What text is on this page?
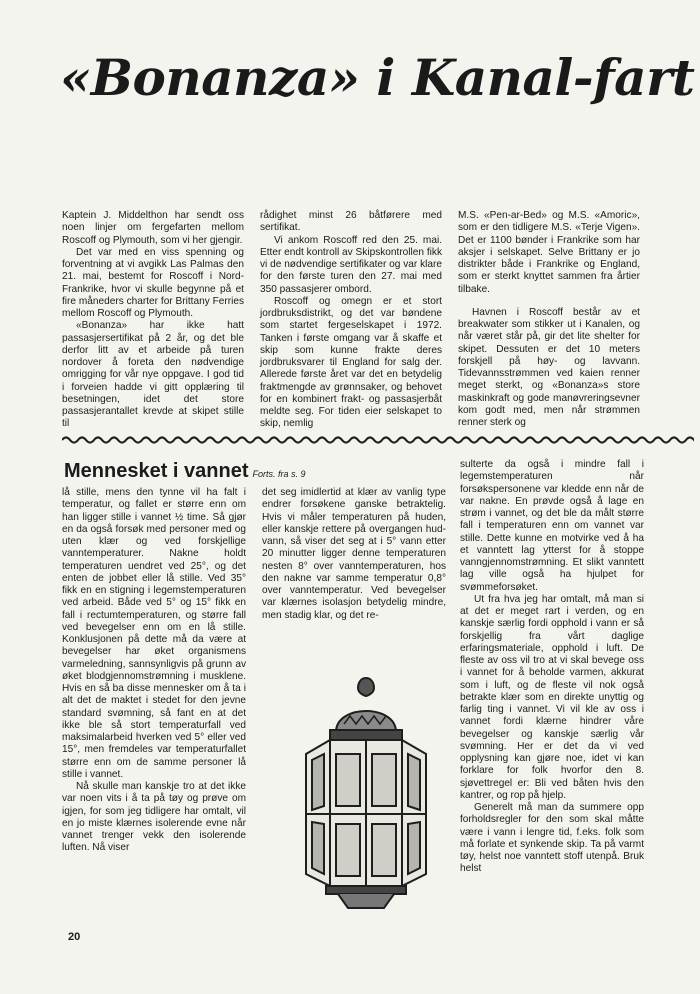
«Bonanza» i Kanal-fart

Kaptein J. Middelthon har sendt oss noen linjer om fergefarten mellom Roscoff og Plymouth, som vi her gjengir.

Det var med en viss spenning og forventning at vi avgikk Las Palmas den 21. mai, bestemt for Roscoff i Nord-Frankrike, hvor vi skulle begynne på et fire måneders charter for Brittany Ferries mellom Roscoff og Plymouth.

«Bonanza» har ikke hatt passasjersertifikat på 2 år, og det ble derfor litt av et arbeide på turen nordover å foreta den nødvendige omrigging for vår nye oppgave. I god tid i forveien hadde vi gitt opplæring til besetningen, idet det store passasjerantallet krevde at skipet stille til

rådighet minst 26 båtførere med sertifikat.

Vi ankom Roscoff red den 25. mai. Etter endt kontroll av Skipskontrollen fikk vi de nødvendige sertifikater og var klare for den første turen den 27. mai med 350 passasjerer ombord.

Roscoff og omegn er et stort jordbruksdistrikt, og det var bøndene som startet fergeselskapet i 1972. Tanken i første omgang var å skaffe et skip som kunne frakte deres jordbruksvarer til England for salg der. Allerede første året var det en betydelig fraktmengde av grønnsaker, og behovet for en kombinert frakt- og passasjerbåt meldte seg. For tiden eier selskapet to skip, nemlig

M.S. «Pen-ar-Bed» og M.S. «Amoric», som er den tidligere M.S. «Terje Vigen». Det er 1100 bønder i Frankrike som har aksjer i selskapet. Selve Brittany er jo distrikter både i Frankrike og England, som er sterkt knyttet sammen fra årtier tilbake.

Havnen i Roscoff består av et breakwater som stikker ut i Kanalen, og når været står på, gir det lite shelter for skipet. Dessuten er det 10 meters forskjell på høy- og lavvann. Tidevannsstrømmen ved kaien renner meget sterkt, og «Bonanza»s store maskinkraft og gode manøvreringsevner kom godt med, men når strømmen renner sterk og

Mennesket i vannet Forts. fra s. 9

lå stille, mens den tynne vil ha falt i temperatur, og fallet er større enn om han ligger stille i vannet ½ time. Så gjør en da også forsøk med personer med og uten klær og ved forskjellige vanntemperaturer. Nakne holdt temperaturen uendret ved 25°, og det enten de jobbet eller lå stille. Ved 35° fikk en en stigning i legemstemperaturen ved arbeid. Både ved 5° og 15° fikk en fall i rectumtemperaturen, og større fall ved bevegelser enn om en lå stille. Konklusjonen på dette må da være at bevegelser har øket organismens varmeledning, sannsynligvis på grunn av øket blodgjennomstrømning i musklene. Hvis en så ba disse mennesker om å ta i alt det de maktet i stedet for den jevne standard svømning, så fant en at det ikke ble så stort temperaturfall ved maksimalarbeid hverken ved 5° eller ved 15°, men fremdeles var temperaturfallet større enn om de samme personer lå stille i vannet.

Nå skulle man kanskje tro at det ikke var noen vits i å ta på tøy og prøve om igjen, for som jeg tidligere har omtalt, vil en jo miste klærnes isolerende evne når vannet trenger vekk den isolerende luften. Nå viser

det seg imidlertid at klær av vanlig type endrer forsøkene ganske betraktelig. Hvis vi måler temperaturen på huden, eller kanskje rettere på overgangen hud-vann, så viser det seg at i 5° vann etter 20 minutter ligger denne temperaturen nesten 8° over vanntemperaturen, hos den nakne var samme temperatur 0,8° over vanntemperatur. Ved bevegelser var klærnes isolasjon betydelig mindre, men stadig klar, og det re-

sulterte da også i mindre fall i legemstemperaturen når forsøkspersonene var kledde enn når de var nakne. En prøvde også å lage en strøm i vannet, og det ble da målt større fall i temperaturen enn om vannet var stille. Dette kunne en motvirke ved å ha et vanntett lag ytterst for å stoppe vanngjennomstrømning. Et slikt vanntett lag ville også ha hjulpet for svømmeforsøket.

Ut fra hva jeg har omtalt, må man si at det er meget rart i verden, og en kanskje særlig fordi opphold i vann er så forskjellig fra vårt daglige erfaringsmateriale, opphold i luft. De fleste av oss vil tro at vi skal bevege oss i vannet for å beholde varmen, akkurat som i luft, og de fleste vil nok også betrakte klær som en direkte unyttig og farlig ting i vannet. Vi vil kle av oss i vannet fordi klærne hindrer våre bevegelser og kanskje særlig vår svømning. Her er det da vi ved opplysning kan gjøre noe, idet vi kan forklare for folk hvorfor den 8. sjøvettregel er: Bli ved båten hvis den kantrer, og rop på hjelp.

Generelt må man da summere opp forholdsregler for den som skal måtte være i vann i lengre tid, f.eks. folk som må forlate et synkende skip. Ta på varmt tøy, helst noe vanntett stoff utenpå. Bruk helst

20
